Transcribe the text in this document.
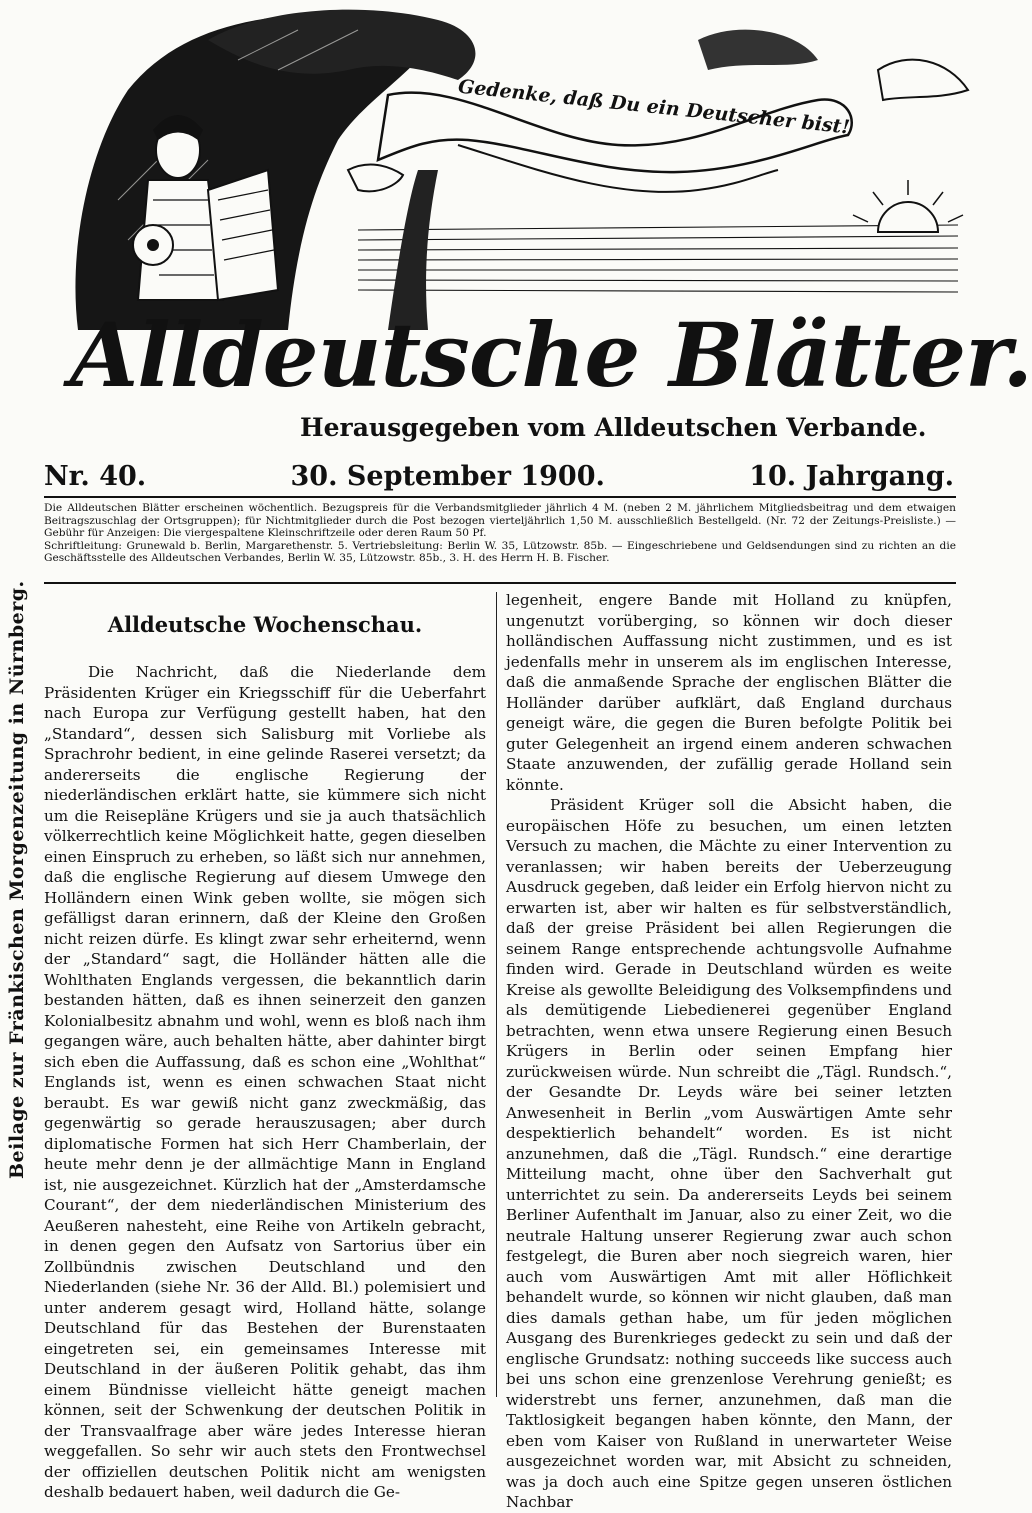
Beilage zur Fränkischen Morgenzeitung in Nürnberg.
Gedenke, daß Du ein Deutscher bist!
Alldeutsche Blätter.
Herausgegeben vom Alldeutschen Verbande.
Nr. 40.	30. September 1900.	10. Jahrgang.

Die Alldeutschen Blätter erscheinen wöchentlich. Bezugspreis für die Verbandsmitglieder jährlich 4 M. (neben 2 M. jährlichem Mitgliedsbeitrag und dem etwaigen Beitragszuschlag der Ortsgruppen); für Nichtmitglieder durch die Post bezogen vierteljährlich 1,50 M. ausschließlich Bestellgeld. (Nr. 72 der Zeitungs-Preisliste.) — Gebühr für Anzeigen: Die viergespaltene Kleinschriftzeile oder deren Raum 50 Pf.

Schriftleitung: Grunewald b. Berlin, Margarethenstr. 5. Vertriebsleitung: Berlin W. 35, Lützowstr. 85b. — Eingeschriebene und Geldsendungen sind zu richten an die Geschäftsstelle des Alldeutschen Verbandes, Berlin W. 35, Lützowstr. 85b., 3. H. des Herrn H. B. Fischer.

Alldeutsche Wochenschau.

Die Nachricht, daß die Niederlande dem Präsidenten Krüger ein Kriegsschiff für die Ueberfahrt nach Europa zur Verfügung gestellt haben, hat den „Standard“, dessen sich Salisburg mit Vorliebe als Sprachrohr bedient, in eine gelinde Raserei versetzt; da andererseits die englische Regierung der niederländischen erklärt hatte, sie kümmere sich nicht um die Reisepläne Krügers und sie ja auch thatsächlich völkerrechtlich keine Möglichkeit hatte, gegen dieselben einen Einspruch zu erheben, so läßt sich nur annehmen, daß die englische Regierung auf diesem Umwege den Holländern einen Wink geben wollte, sie mögen sich gefälligst daran erinnern, daß der Kleine den Großen nicht reizen dürfe. Es klingt zwar sehr erheiternd, wenn der „Standard“ sagt, die Holländer hätten alle die Wohlthaten Englands vergessen, die bekanntlich darin bestanden hätten, daß es ihnen seinerzeit den ganzen Kolonialbesitz abnahm und wohl, wenn es bloß nach ihm gegangen wäre, auch behalten hätte, aber dahinter birgt sich eben die Auffassung, daß es schon eine „Wohlthat“ Englands ist, wenn es einen schwachen Staat nicht beraubt. Es war gewiß nicht ganz zweckmäßig, das gegenwärtig so gerade herauszusagen; aber durch diplomatische Formen hat sich Herr Chamberlain, der heute mehr denn je der allmächtige Mann in England ist, nie ausgezeichnet. Kürzlich hat der „Amsterdamsche Courant“, der dem niederländischen Ministerium des Aeußeren nahesteht, eine Reihe von Artikeln gebracht, in denen gegen den Aufsatz von Sartorius über ein Zollbündnis zwischen Deutschland und den Niederlanden (siehe Nr. 36 der Alld. Bl.) polemisiert und unter anderem gesagt wird, Holland hätte, solange Deutschland für das Bestehen der Burenstaaten eingetreten sei, ein gemeinsames Interesse mit Deutschland in der äußeren Politik gehabt, das ihm einem Bündnisse vielleicht hätte geneigt machen können, seit der Schwenkung der deutschen Politik in der Transvaalfrage aber wäre jedes Interesse hieran weggefallen. So sehr wir auch stets den Frontwechsel der offiziellen deutschen Politik nicht am wenigsten deshalb bedauert haben, weil dadurch die Ge-

legenheit, engere Bande mit Holland zu knüpfen, ungenutzt vorüberging, so können wir doch dieser holländischen Auffassung nicht zustimmen, und es ist jedenfalls mehr in unserem als im englischen Interesse, daß die anmaßende Sprache der englischen Blätter die Holländer darüber aufklärt, daß England durchaus geneigt wäre, die gegen die Buren befolgte Politik bei guter Gelegenheit an irgend einem anderen schwachen Staate anzuwenden, der zufällig gerade Holland sein könnte.

Präsident Krüger soll die Absicht haben, die europäischen Höfe zu besuchen, um einen letzten Versuch zu machen, die Mächte zu einer Intervention zu veranlassen; wir haben bereits der Ueberzeugung Ausdruck gegeben, daß leider ein Erfolg hiervon nicht zu erwarten ist, aber wir halten es für selbstverständlich, daß der greise Präsident bei allen Regierungen die seinem Range entsprechende achtungsvolle Aufnahme finden wird. Gerade in Deutschland würden es weite Kreise als gewollte Beleidigung des Volksempfindens und als demütigende Liebedienerei gegenüber England betrachten, wenn etwa unsere Regierung einen Besuch Krügers in Berlin oder seinen Empfang hier zurückweisen würde. Nun schreibt die „Tägl. Rundsch.“, der Gesandte Dr. Leyds wäre bei seiner letzten Anwesenheit in Berlin „vom Auswärtigen Amte sehr despektierlich behandelt“ worden. Es ist nicht anzunehmen, daß die „Tägl. Rundsch.“ eine derartige Mitteilung macht, ohne über den Sachverhalt gut unterrichtet zu sein. Da andererseits Leyds bei seinem Berliner Aufenthalt im Januar, also zu einer Zeit, wo die neutrale Haltung unserer Regierung zwar auch schon festgelegt, die Buren aber noch siegreich waren, hier auch vom Auswärtigen Amt mit aller Höflichkeit behandelt wurde, so können wir nicht glauben, daß man dies damals gethan habe, um für jeden möglichen Ausgang des Burenkrieges gedeckt zu sein und daß der englische Grundsatz: nothing succeeds like success auch bei uns schon eine grenzenlose Verehrung genießt; es widerstrebt uns ferner, anzunehmen, daß man die Taktlosigkeit begangen haben könnte, den Mann, der eben vom Kaiser von Rußland in unerwarteter Weise ausgezeichnet worden war, mit Absicht zu schneiden, was ja doch auch eine Spitze gegen unseren östlichen Nachbar
